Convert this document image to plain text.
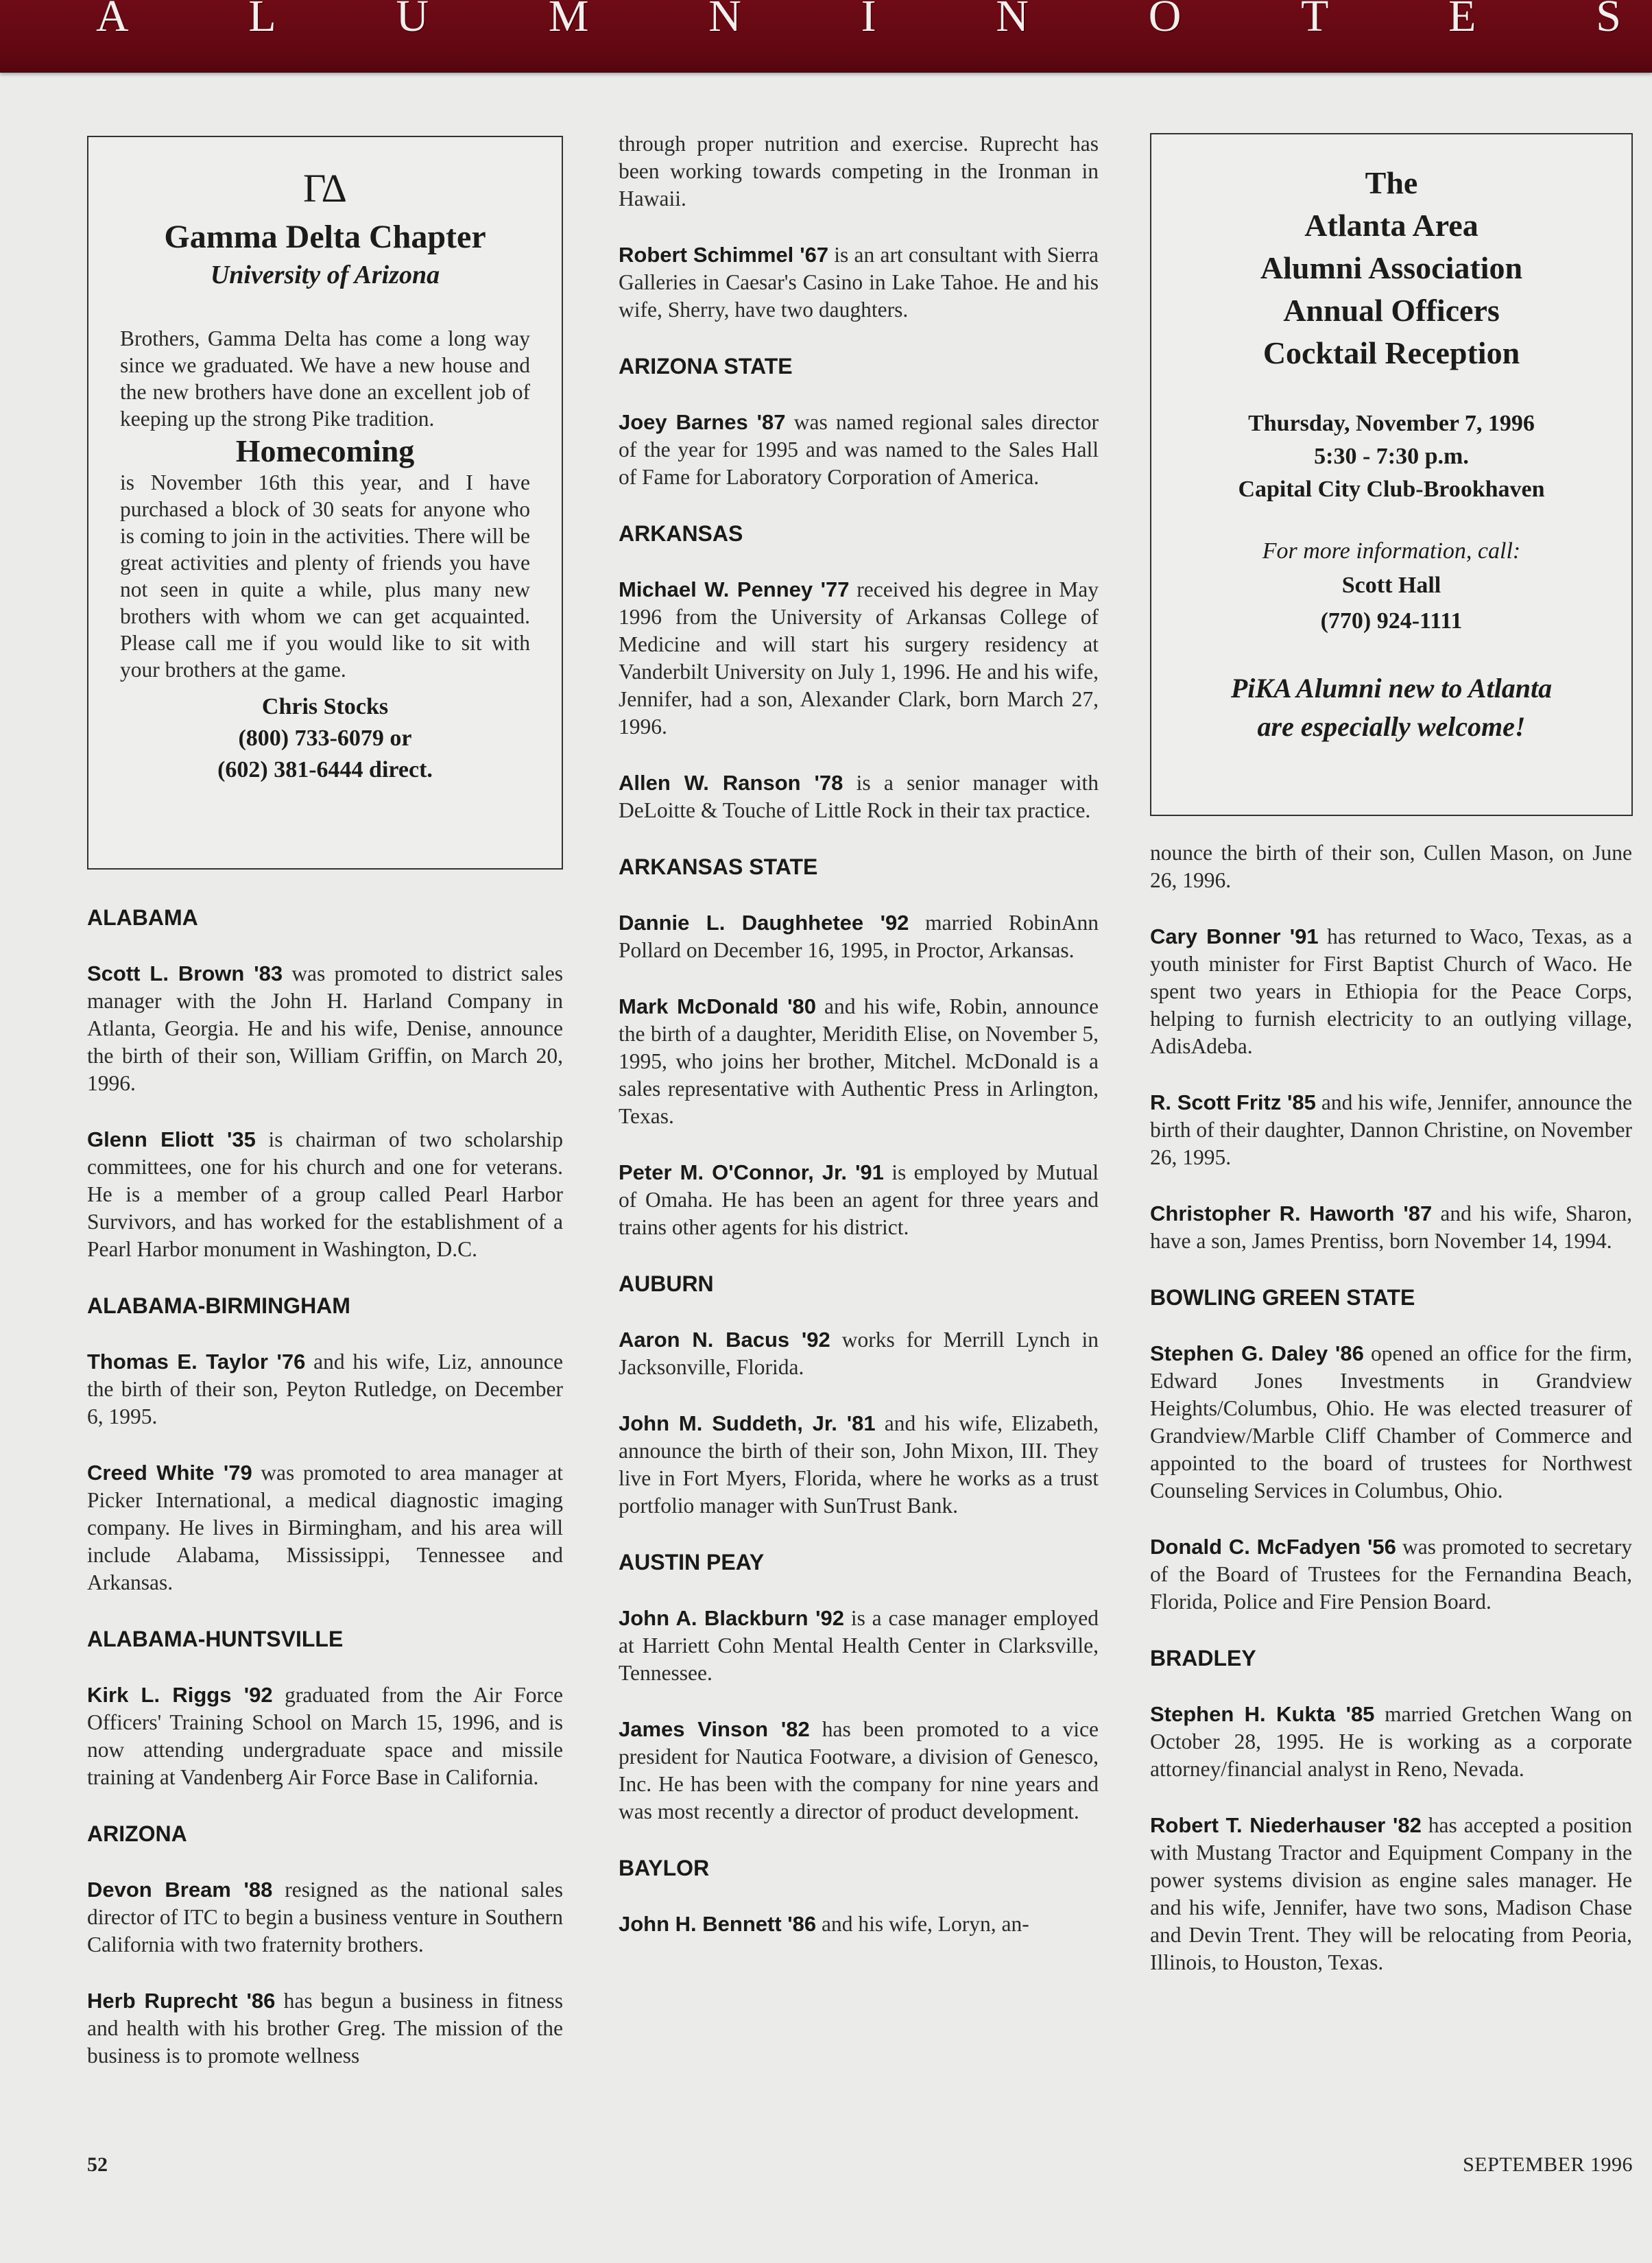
A	L	U	M	N	I	N	O	T	E	S
ΓΔ
Gamma Delta Chapter
University of Arizona
Brothers, Gamma Delta has come a long way since we graduated. We have a new house and the new brothers have done an excellent job of keeping up the strong Pike tradition.
Homecoming
is November 16th this year, and I have purchased a block of 30 seats for anyone who is coming to join in the activities. There will be great activities and plenty of friends you have not seen in quite a while, plus many new brothers with whom we can get acquainted. Please call me if you would like to sit with your brothers at the game.
Chris Stocks
(800) 733-6079 or
(602) 381-6444 direct.
The
Atlanta Area
Alumni Association
Annual Officers
Cocktail Reception
Thursday, November 7, 1996
5:30 - 7:30 p.m.
Capital City Club-Brookhaven
For more information, call:
Scott Hall
(770) 924-1111
PiKA Alumni new to Atlanta
are especially welcome!
ALABAMA
Scott L. Brown '83 was promoted to district sales manager with the John H. Harland Company in Atlanta, Georgia. He and his wife, Denise, announce the birth of their son, William Griffin, on March 20, 1996.
Glenn Eliott '35 is chairman of two scholarship committees, one for his church and one for veterans. He is a member of a group called Pearl Harbor Survivors, and has worked for the establishment of a Pearl Harbor monument in Washington, D.C.
ALABAMA-BIRMINGHAM
Thomas E. Taylor '76 and his wife, Liz, announce the birth of their son, Peyton Rutledge, on December 6, 1995.
Creed White '79 was promoted to area manager at Picker International, a medical diagnostic imaging company. He lives in Birmingham, and his area will include Alabama, Mississippi, Tennessee and Arkansas.
ALABAMA-HUNTSVILLE
Kirk L. Riggs '92 graduated from the Air Force Officers' Training School on March 15, 1996, and is now attending undergraduate space and missile training at Vandenberg Air Force Base in California.
ARIZONA
Devon Bream '88 resigned as the national sales director of ITC to begin a business venture in Southern California with two fraternity brothers.
Herb Ruprecht '86 has begun a business in fitness and health with his brother Greg. The mission of the business is to promote wellness
through proper nutrition and exercise. Ruprecht has been working towards competing in the Ironman in Hawaii.
Robert Schimmel '67 is an art consultant with Sierra Galleries in Caesar's Casino in Lake Tahoe. He and his wife, Sherry, have two daughters.
ARIZONA STATE
Joey Barnes '87 was named regional sales director of the year for 1995 and was named to the Sales Hall of Fame for Laboratory Corporation of America.
ARKANSAS
Michael W. Penney '77 received his degree in May 1996 from the University of Arkansas College of Medicine and will start his surgery residency at Vanderbilt University on July 1, 1996. He and his wife, Jennifer, had a son, Alexander Clark, born March 27, 1996.
Allen W. Ranson '78 is a senior manager with DeLoitte & Touche of Little Rock in their tax practice.
ARKANSAS STATE
Dannie L. Daughhetee '92 married RobinAnn Pollard on December 16, 1995, in Proctor, Arkansas.
Mark McDonald '80 and his wife, Robin, announce the birth of a daughter, Meridith Elise, on November 5, 1995, who joins her brother, Mitchel. McDonald is a sales representative with Authentic Press in Arlington, Texas.
Peter M. O'Connor, Jr. '91 is employed by Mutual of Omaha. He has been an agent for three years and trains other agents for his district.
AUBURN
Aaron N. Bacus '92 works for Merrill Lynch in Jacksonville, Florida.
John M. Suddeth, Jr. '81 and his wife, Elizabeth, announce the birth of their son, John Mixon, III. They live in Fort Myers, Florida, where he works as a trust portfolio manager with SunTrust Bank.
AUSTIN PEAY
John A. Blackburn '92 is a case manager employed at Harriett Cohn Mental Health Center in Clarksville, Tennessee.
James Vinson '82 has been promoted to a vice president for Nautica Footware, a division of Genesco, Inc. He has been with the company for nine years and was most recently a director of product development.
BAYLOR
John H. Bennett '86 and his wife, Loryn, an-
nounce the birth of their son, Cullen Mason, on June 26, 1996.
Cary Bonner '91 has returned to Waco, Texas, as a youth minister for First Baptist Church of Waco. He spent two years in Ethiopia for the Peace Corps, helping to furnish electricity to an outlying village, AdisAdeba.
R. Scott Fritz '85 and his wife, Jennifer, announce the birth of their daughter, Dannon Christine, on November 26, 1995.
Christopher R. Haworth '87 and his wife, Sharon, have a son, James Prentiss, born November 14, 1994.
BOWLING GREEN STATE
Stephen G. Daley '86 opened an office for the firm, Edward Jones Investments in Grandview Heights/Columbus, Ohio. He was elected treasurer of Grandview/Marble Cliff Chamber of Commerce and appointed to the board of trustees for Northwest Counseling Services in Columbus, Ohio.
Donald C. McFadyen '56 was promoted to secretary of the Board of Trustees for the Fernandina Beach, Florida, Police and Fire Pension Board.
BRADLEY
Stephen H. Kukta '85 married Gretchen Wang on October 28, 1995. He is working as a corporate attorney/financial analyst in Reno, Nevada.
Robert T. Niederhauser '82 has accepted a position with Mustang Tractor and Equipment Company in the power systems division as engine sales manager. He and his wife, Jennifer, have two sons, Madison Chase and Devin Trent. They will be relocating from Peoria, Illinois, to Houston, Texas.
52	SEPTEMBER 1996
